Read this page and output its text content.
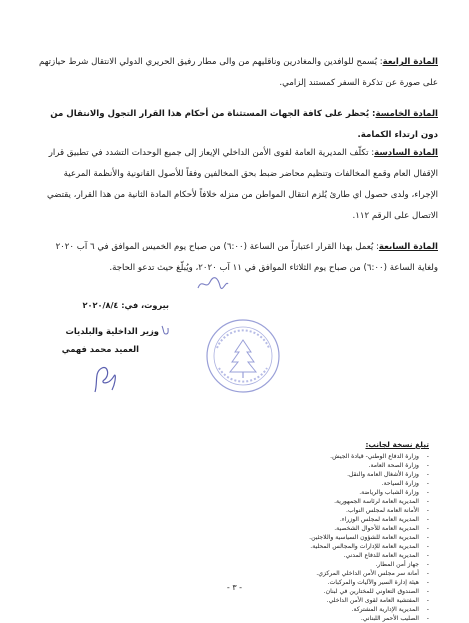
المادة الرابعة: يُسمح للوافدين والمغادرين وناقليهم من والى مطار رفيق الحريري الدولي الانتقال شرط حيازتهم على صورة عن تذكرة السفر كمستند إلزامي.
المادة الخامسة: يُحظر على كافة الجهات المستثناة من أحكام هذا القرار التجول والانتقال من دون ارتداء الكمامة.
المادة السادسة: تكلّف المديرية العامة لقوى الأمن الداخلي الإيعاز إلى جميع الوحدات التشدد في تطبيق قرار الإقفال العام وقمع المخالفات وتنظيم محاضر ضبط بحق المخالفين وفقاً للأصول القانونية والأنظمة المرعية الإجراء، ولدى حصول اي طارئ يُلزم انتقال المواطن من منزله خلافاً لأحكام المادة الثانية من هذا القرار، يقتضي الاتصال على الرقم ١١٢.
المادة السابعة: يُعمل بهذا القرار اعتباراً من الساعة (٦:٠٠) من صباح يوم الخميس الموافق في ٦ آب ٢٠٢٠ ولغاية الساعة (٦:٠٠) من صباح يوم الثلاثاء الموافق في ١١ آب ٢٠٢٠، ويُبلّغ حيث تدعو الحاجة.
بيروت، في: ٢٠٢٠/٨/٤
وزير الداخلية والبلديات
العميد محمد فهمي
تبلغ نسخة لجانب:
-
وزارة الدفاع الوطني- قيادة الجيش.
-
وزارة الصحة العامة.
-
وزارة الأشغال العامة والنقل.
-
وزارة السياحة.
-
وزارة الشباب والرياضة.
-
المديرية العامة لرئاسة الجمهورية.
-
الأمانة العامة لمجلس النواب.
-
المديرية العامة لمجلس الوزراء.
-
المديرية العامة للأحوال الشخصية.
-
المديرية العامة للشؤون السياسية واللاجئين.
-
المديرية العامة للإدارات والمجالس المحلية.
-
المديرية العامة للدفاع المدني.
-
جهاز أمن المطار.
-
أمانة سر مجلس الأمن الداخلي المركزي.
-
هيئة إدارة السير والآليات والمركبات.
-
الصندوق التعاوني للمختارين في لبنان.
-
المفتشية العامة لقوى الأمن الداخلي.
-
المديرية الإدارية المشتركة.
-
الصليب الأحمر اللبناني.
- ٣ -
